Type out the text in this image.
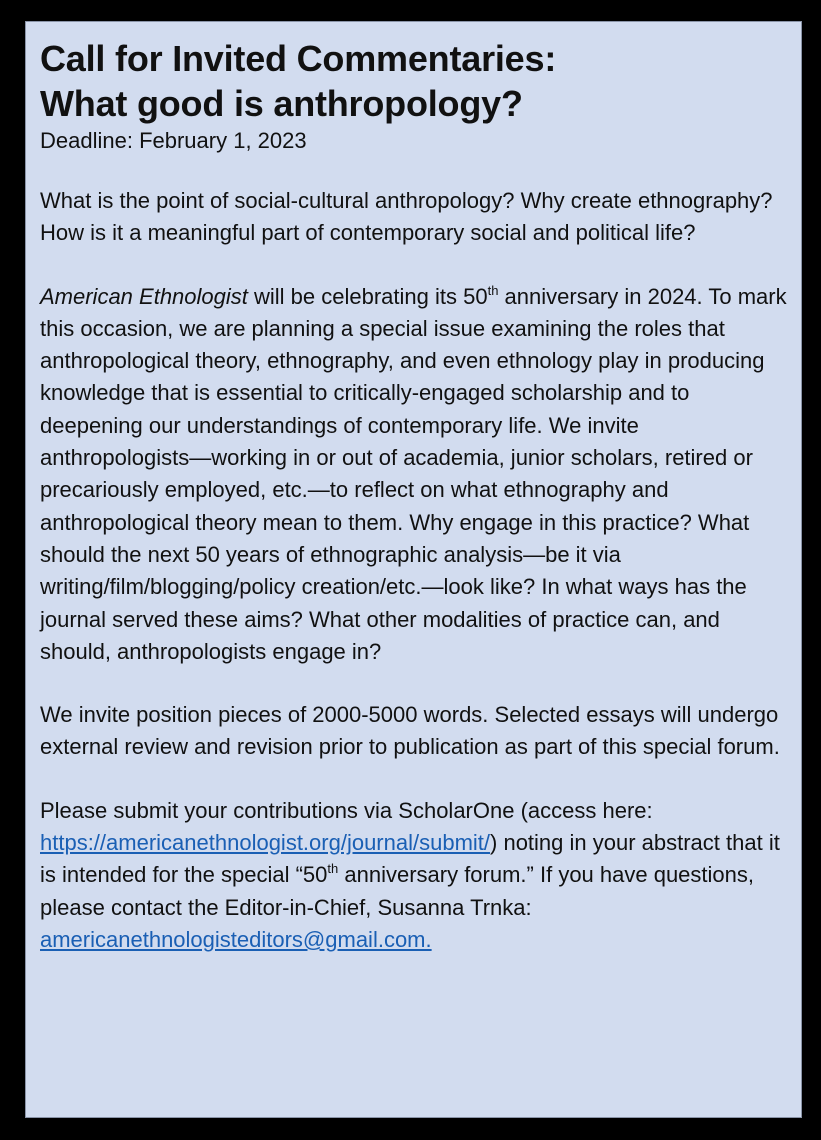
Call for Invited Commentaries:
What good is anthropology?

Deadline: February 1, 2023

What is the point of social-cultural anthropology? Why create ethnography? How is it a meaningful part of contemporary social and political life?

American Ethnologist will be celebrating its 50th anniversary in 2024. To mark this occasion, we are planning a special issue examining the roles that anthropological theory, ethnography, and even ethnology play in producing knowledge that is essential to critically-engaged scholarship and to deepening our understandings of contemporary life. We invite anthropologists—working in or out of academia, junior scholars, retired or precariously employed, etc.—to reflect on what ethnography and anthropological theory mean to them. Why engage in this practice? What should the next 50 years of ethnographic analysis—be it via writing/film/blogging/policy creation/etc.—look like? In what ways has the journal served these aims? What other modalities of practice can, and should, anthropologists engage in?

We invite position pieces of 2000-5000 words. Selected essays will undergo external review and revision prior to publication as part of this special forum.

Please submit your contributions via ScholarOne (access here: https://americanethnologist.org/journal/submit/) noting in your abstract that it is intended for the special “50th anniversary forum.” If you have questions, please contact the Editor-in-Chief, Susanna Trnka: americanethnologisteditors@gmail.com.
